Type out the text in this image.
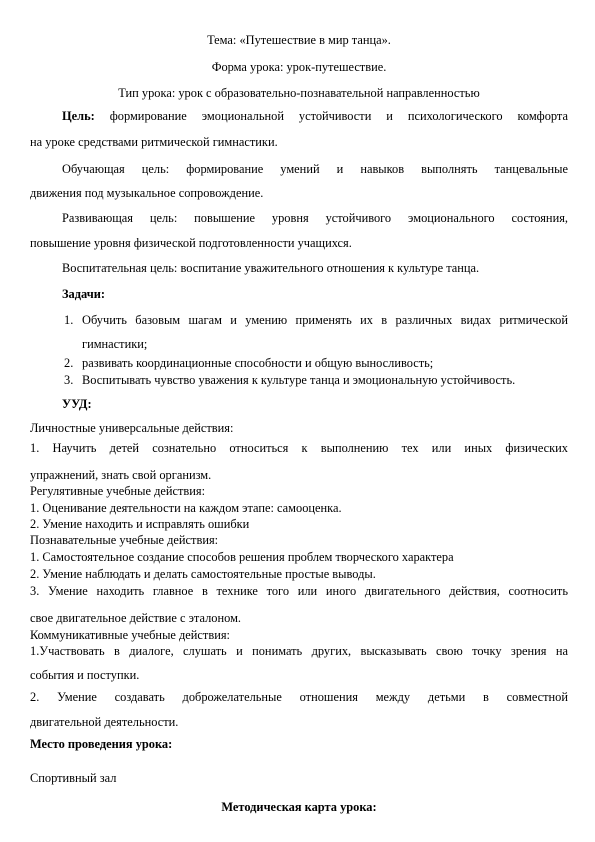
Тема: «Путешествие в мир танца».
Форма урока: урок-путешествие.
Тип урока: урок с образовательно-познавательной направленностью
Цель: формирование эмоциональной устойчивости и психологического комфорта
на уроке средствами ритмической гимнастики.
Обучающая цель: формирование умений и навыков выполнять танцевальные
движения под музыкальное сопровождение.
Развивающая цель: повышение уровня устойчивого эмоционального состояния,
повышение уровня физической подготовленности учащихся.
Воспитательная цель: воспитание уважительного отношения к культуре танца.
Задачи:
1. Обучить базовым шагам и умению применять их в различных видах ритмической
гимнастики;
2. развивать координационные способности и общую выносливость;
3. Воспитывать чувство уважения к культуре танца и эмоциональную устойчивость.
УУД:
Личностные универсальные действия:
1. Научить детей сознательно относиться к выполнению тех или иных физических
упражнений, знать свой организм.
Регулятивные учебные действия:
1. Оценивание деятельности на каждом этапе: самооценка.
2. Умение находить и исправлять ошибки
Познавательные учебные действия:
1. Самостоятельное создание способов решения проблем творческого характера
2. Умение наблюдать и делать самостоятельные простые выводы.
3. Умение находить главное в технике того или иного двигательного действия, соотносить
свое двигательное действие с эталоном.
Коммуникативные учебные действия:
1.Участвовать в диалоге, слушать и понимать других, высказывать свою точку зрения на
события и поступки.
2. Умение создавать доброжелательные отношения между детьми в совместной
двигательной деятельности.
Место проведения урока:
Спортивный зал
Методическая карта урока:
